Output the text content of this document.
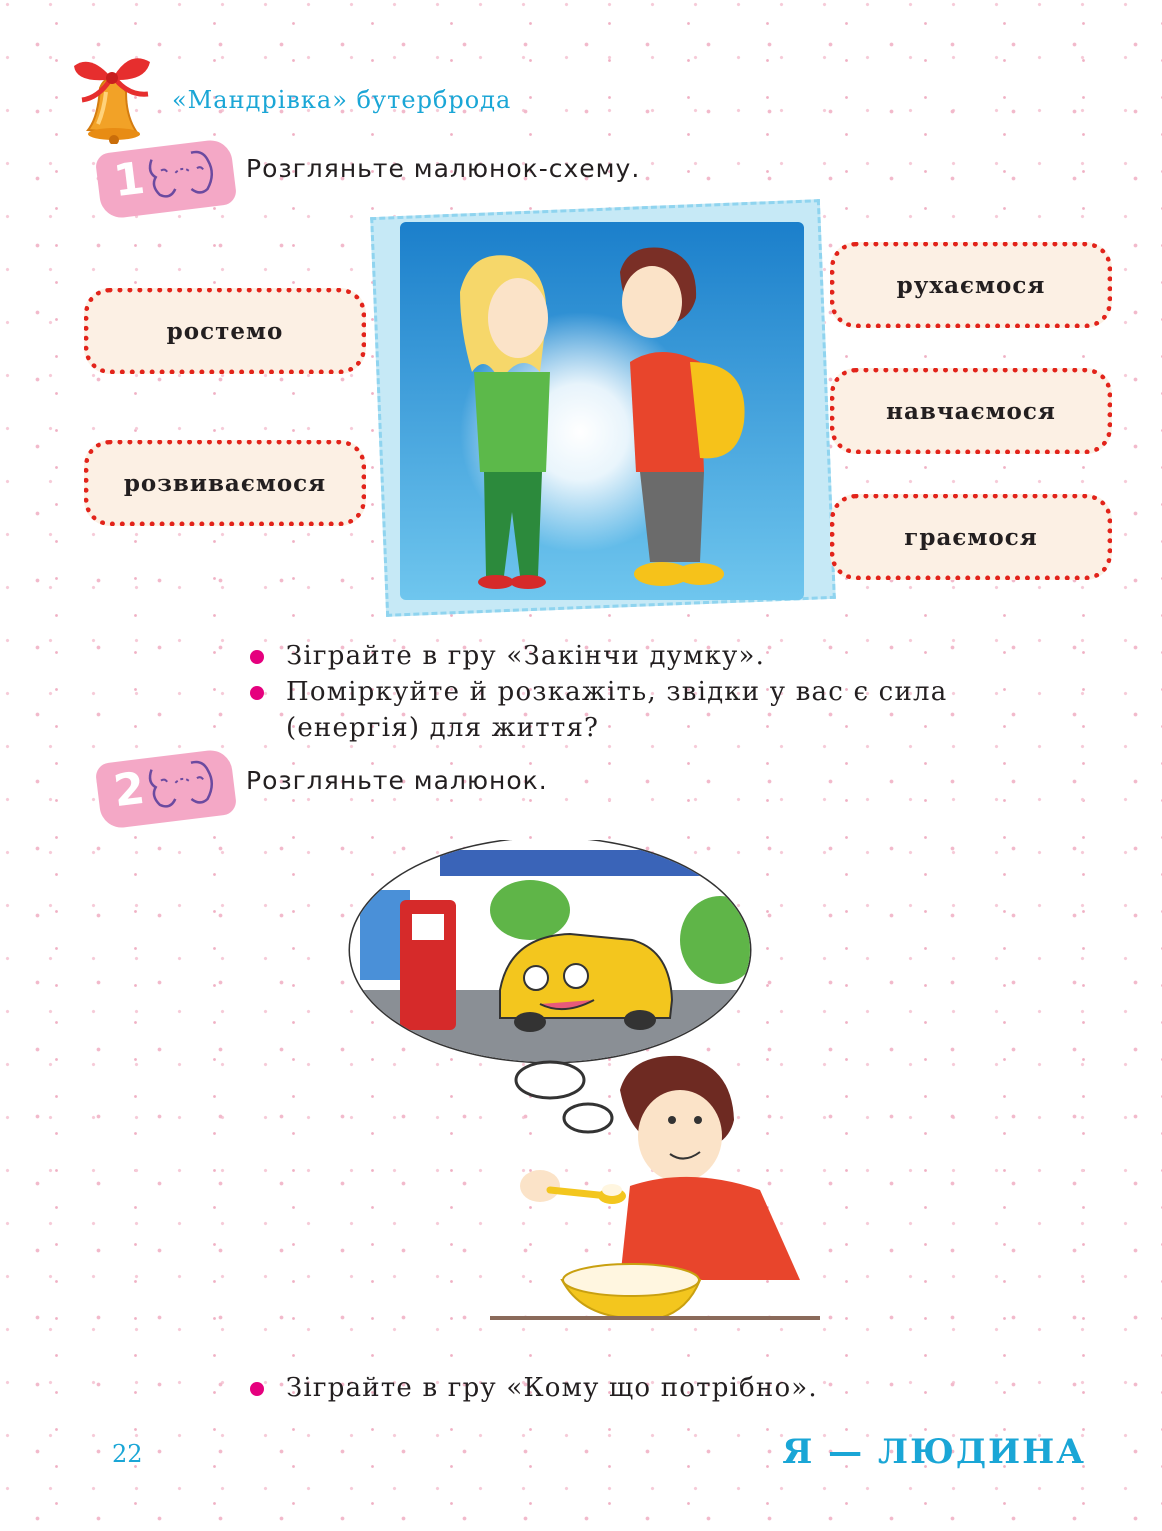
«Мандрівка» бутерброда
1	Розгляньте малюнок-схему.
ростемо
розвиваємося
рухаємося
навчаємося
граємося
Зіграйте в гру «Закінчи думку».
Поміркуйте й розкажіть, звідки у вас є сила (енергія) для життя?
2	Розгляньте малюнок.
Зіграйте в гру «Кому що потрібно».
22	Я — ЛЮДИНА
